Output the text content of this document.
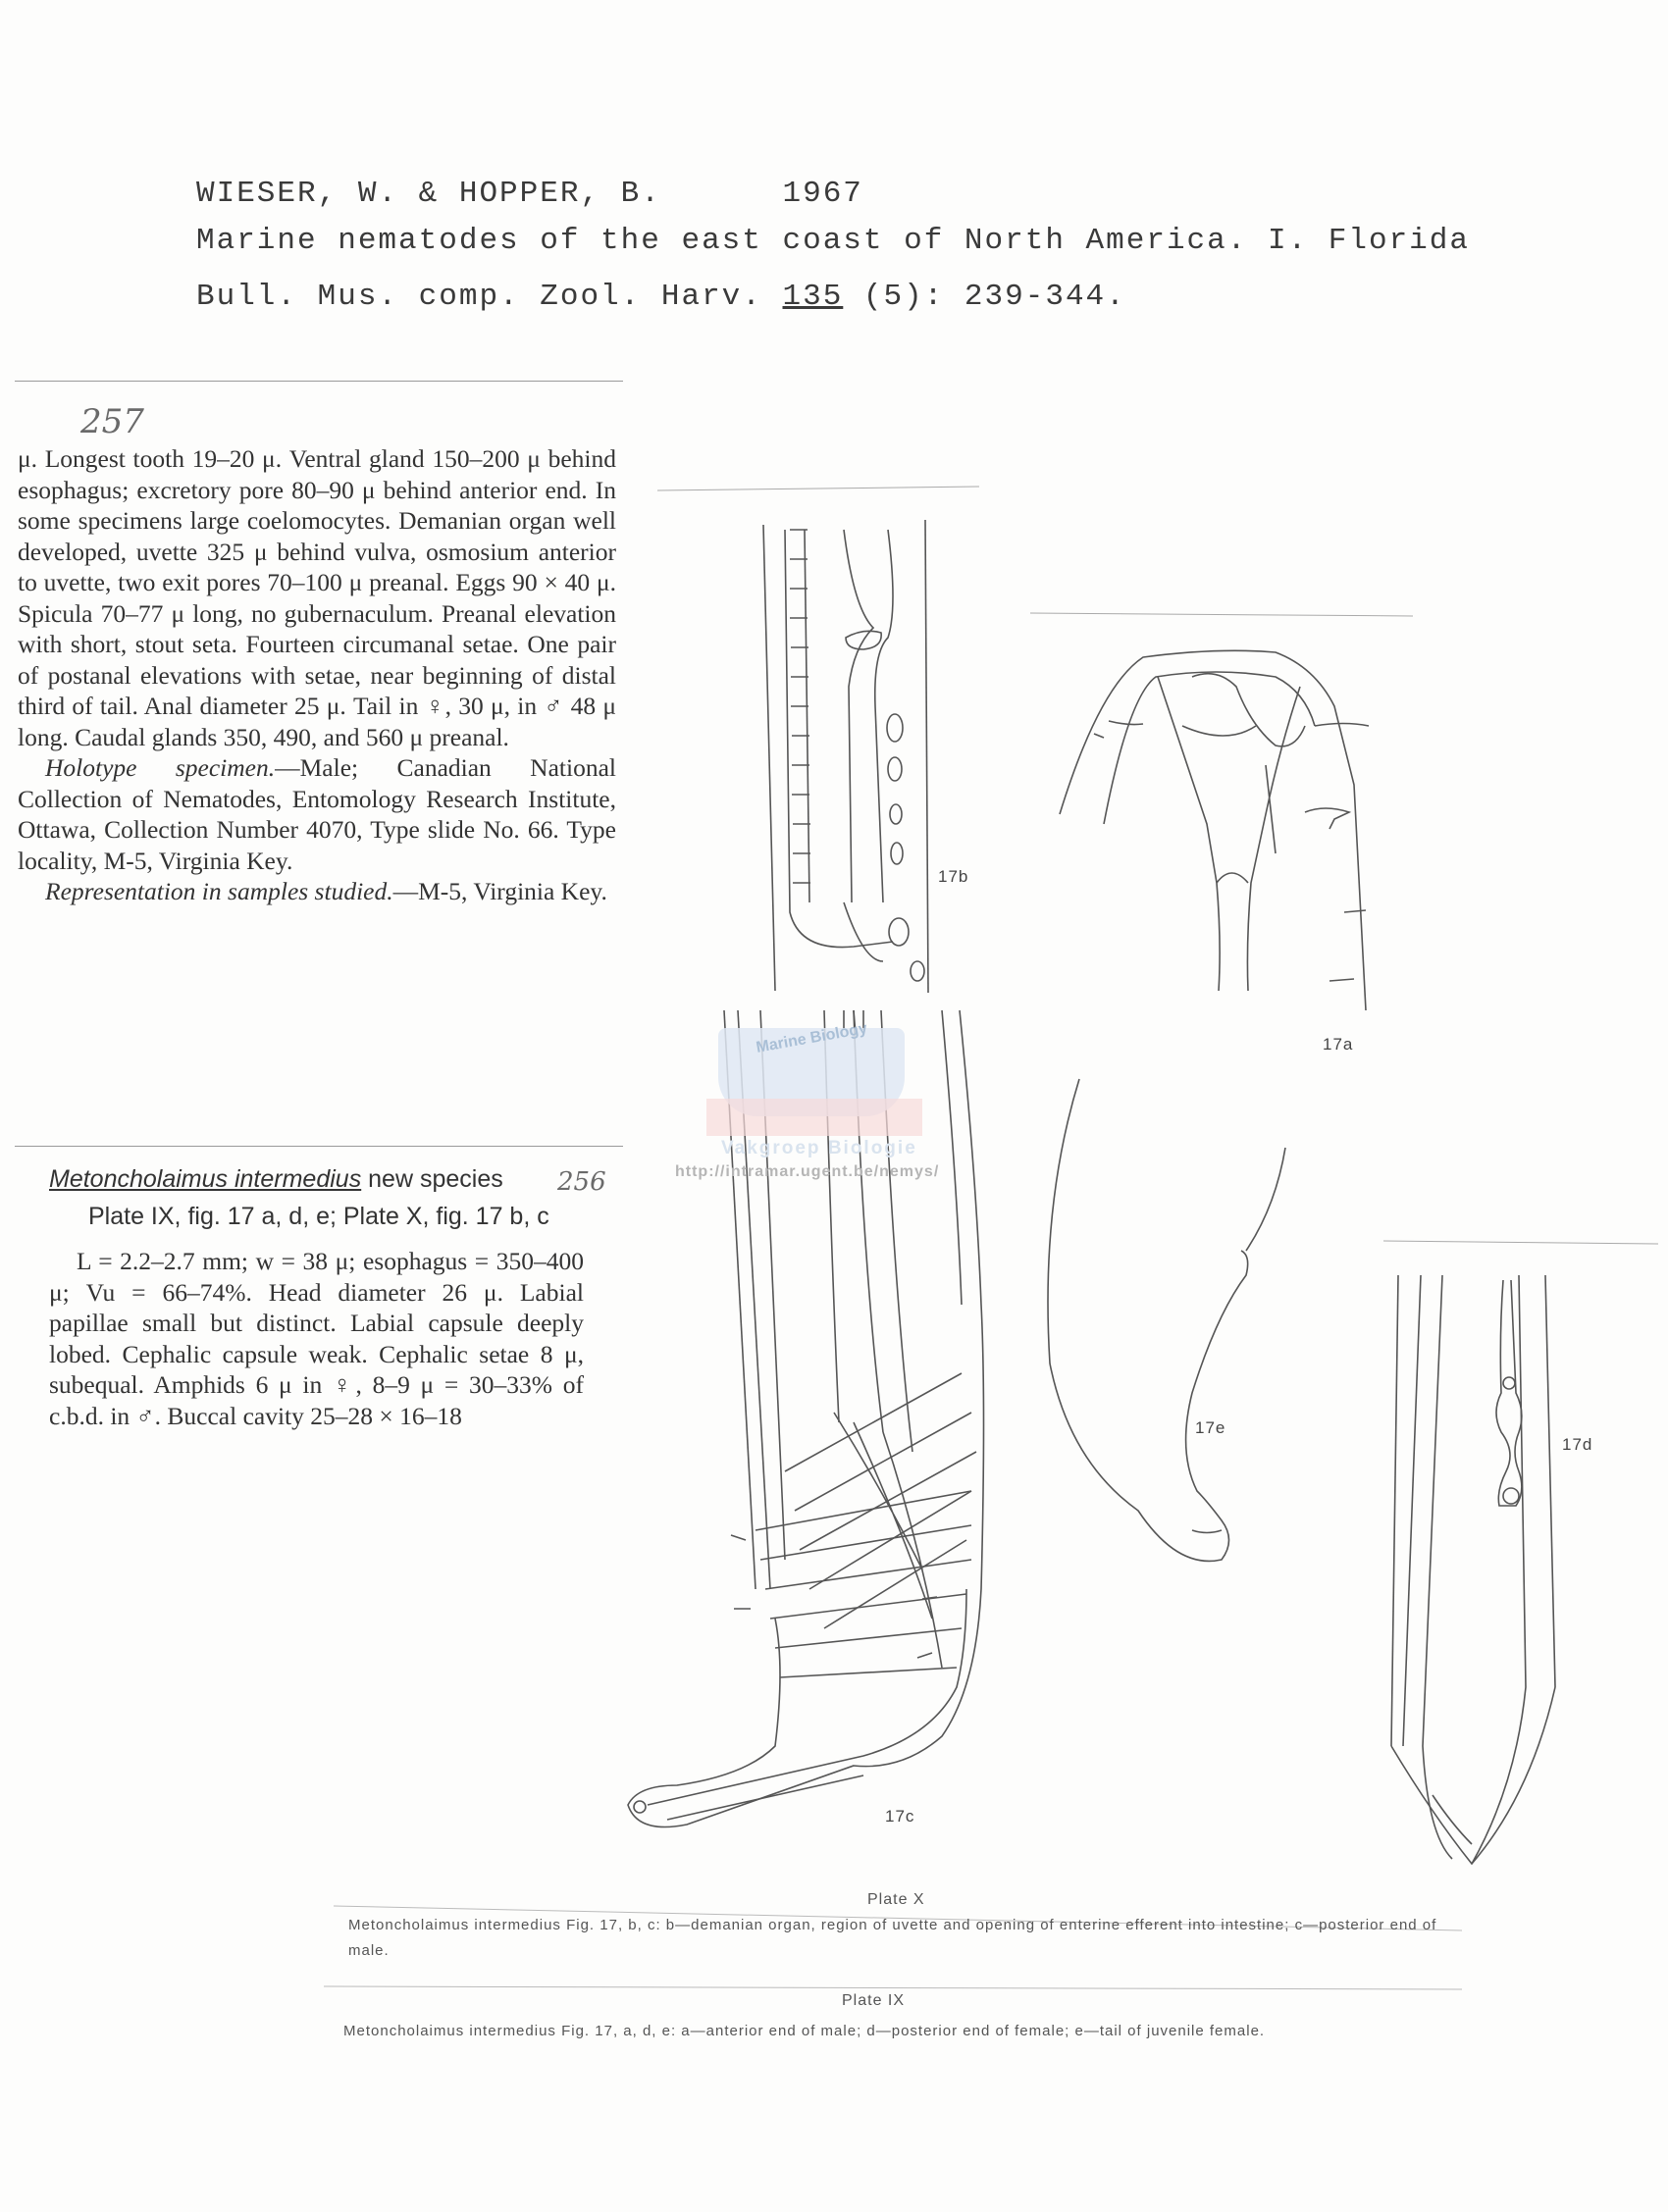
WIESER, W. & HOPPER, B.	1967
Marine nematodes of the east coast of North America. I. Florida
Bull. Mus. comp. Zool. Harv. 135 (5): 239-344.
257

μ. Longest tooth 19–20 μ. Ventral gland 150–200 μ behind esophagus; excretory pore 80–90 μ behind anterior end. In some specimens large coelomocytes. Demanian organ well developed, uvette 325 μ behind vulva, osmosium anterior to uvette, two exit pores 70–100 μ preanal. Eggs 90 × 40 μ. Spicula 70–77 μ long, no gubernaculum. Preanal elevation with short, stout seta. Fourteen circumanal setae. One pair of postanal elevations with setae, near beginning of distal third of tail. Anal diameter 25 μ. Tail in ♀, 30 μ, in ♂ 48 μ long. Caudal glands 350, 490, and 560 μ preanal.

Holotype specimen.—Male; Canadian National Collection of Nematodes, Entomology Research Institute, Ottawa, Collection Number 4070, Type slide No. 66. Type locality, M-5, Virginia Key.

Representation in samples studied.—M-5, Virginia Key.

Metoncholaimus intermedius new species 256
Plate IX, fig. 17 a, d, e; Plate X, fig. 17 b, c

L = 2.2–2.7 mm; w = 38 μ; esophagus = 350–400 μ; Vu = 66–74%. Head diameter 26 μ. Labial papillae small but distinct. Labial capsule deeply lobed. Cephalic capsule weak. Cephalic setae 8 μ, subequal. Amphids 6 μ in ♀, 8–9 μ = 30–33% of c.b.d. in ♂. Buccal cavity 25–28 × 16–18

Marine Biology
Vakgroep Biologie
http://intramar.ugent.be/nemys/
17b
17a
17e
17d
17c
Plate X
Metoncholaimus intermedius Fig. 17, b, c: b—demanian organ, region of uvette and opening of enterine efferent into intestine; c—posterior end of male.
Plate IX
Metoncholaimus intermedius Fig. 17, a, d, e: a—anterior end of male; d—posterior end of female; e—tail of juvenile female.
